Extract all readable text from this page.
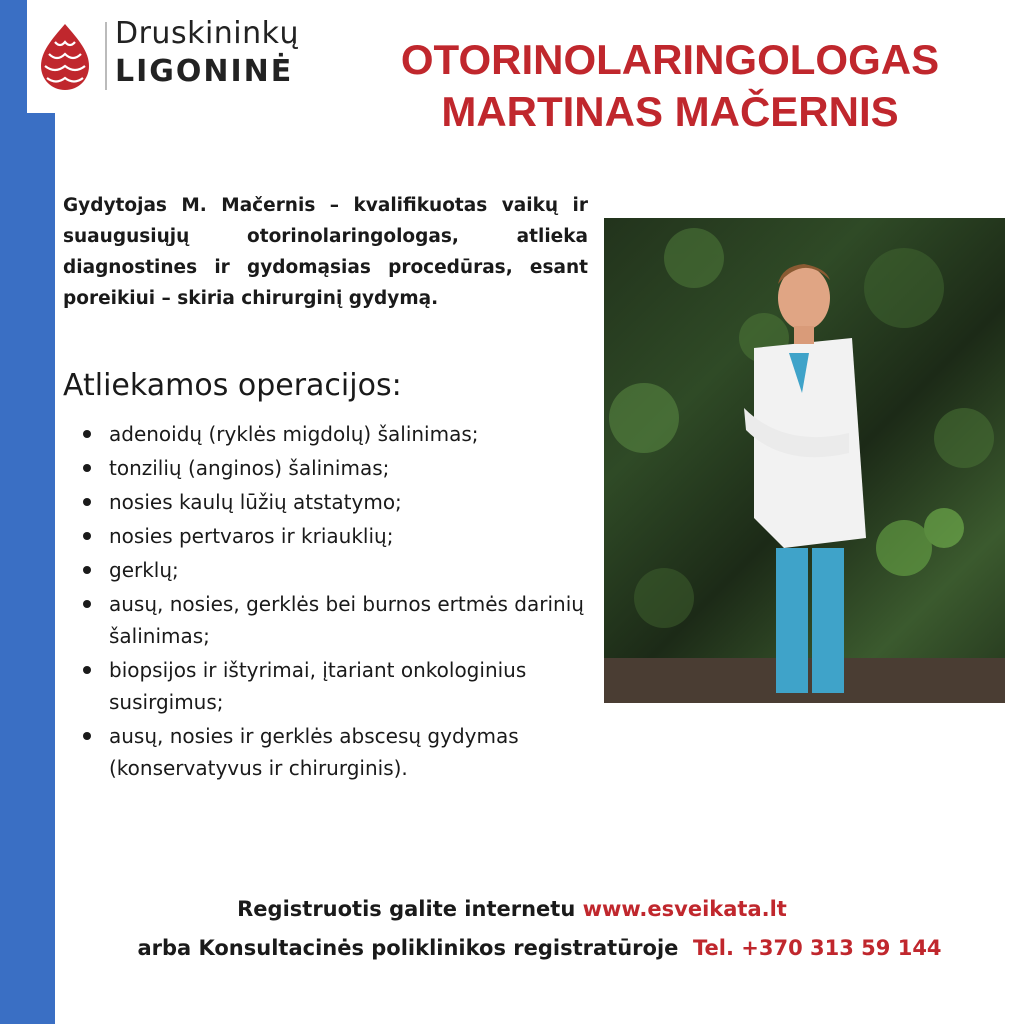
Druskininkų
LIGONINĖ	OTORINOLARINGOLOGAS
MARTINAS MAČERNIS
Gydytojas M. Mačernis – kvalifikuotas vaikų ir suaugusiųjų otorinolaringologas, atlieka diagnostines ir gydomąsias procedūras, esant poreikiui – skiria chirurginį gydymą.
Atliekamos operacijos:
adenoidų (ryklės migdolų) šalinimas;
tonzilių (anginos) šalinimas;
nosies kaulų lūžių atstatymo;
nosies pertvaros ir kriauklių;
gerklų;
ausų, nosies, gerklės bei burnos ertmės darinių šalinimas;
biopsijos ir ištyrimai, įtariant onkologinius susirgimus;
ausų, nosies ir gerklės abscesų gydymas (konservatyvus ir chirurginis).
Registruotis galite internetu www.esveikata.lt
arba Konsultacinės poliklinikos registratūroje Tel. +370 313 59 144
